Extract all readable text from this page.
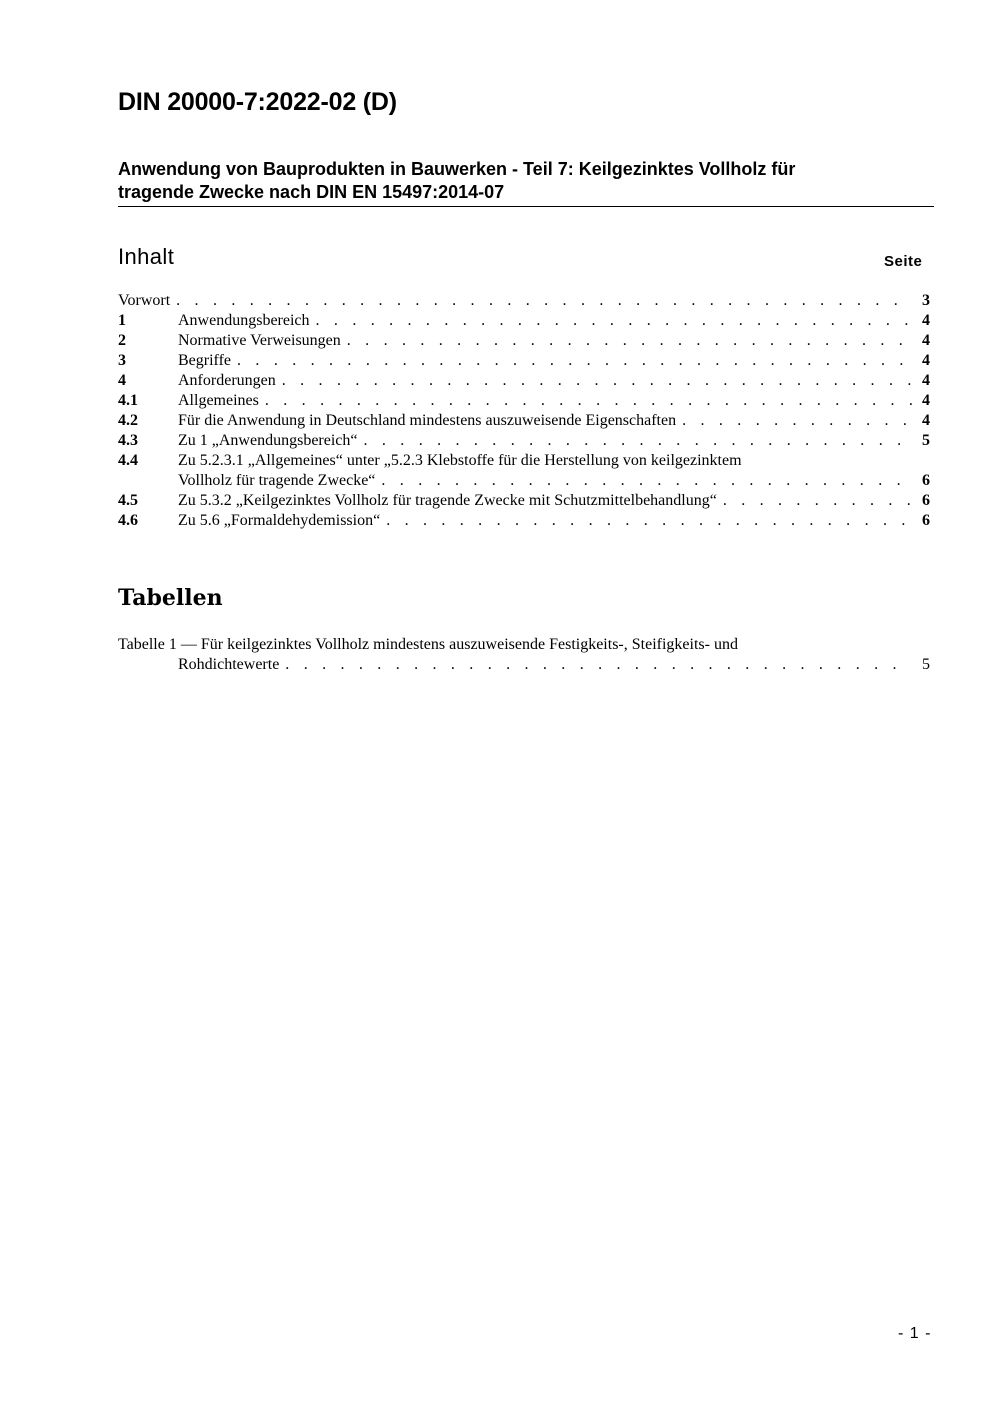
DIN 20000-7:2022-02 (D)
Anwendung von Bauprodukten in Bauwerken - Teil 7: Keilgezinktes Vollholz für
tragende Zwecke nach DIN EN 15497:2014-07
Inhalt	Seite
Vorwort . . .	3
1	Anwendungsbereich . . .	4
2	Normative Verweisungen . . .	4
3	Begriffe . . .	4
4	Anforderungen . . .	4
4.1	Allgemeines . . .	4
4.2	Für die Anwendung in Deutschland mindestens auszuweisende Eigenschaften . . .	4
4.3	Zu 1 „Anwendungsbereich“ . . .	5
4.4	Zu 5.2.3.1 „Allgemeines“ unter „5.2.3 Klebstoffe für die Herstellung von keilgezinktem
Vollholz für tragende Zwecke“ . . .	6
4.5	Zu 5.3.2 „Keilgezinktes Vollholz für tragende Zwecke mit Schutzmittelbehandlung“ . . .	6
4.6	Zu 5.6 „Formaldehydemission“ . . .	6
Tabellen
Tabelle 1 — Für keilgezinktes Vollholz mindestens auszuweisende Festigkeits-, Steifigkeits- und
Rohdichtewerte . . .	5
- 1 -
